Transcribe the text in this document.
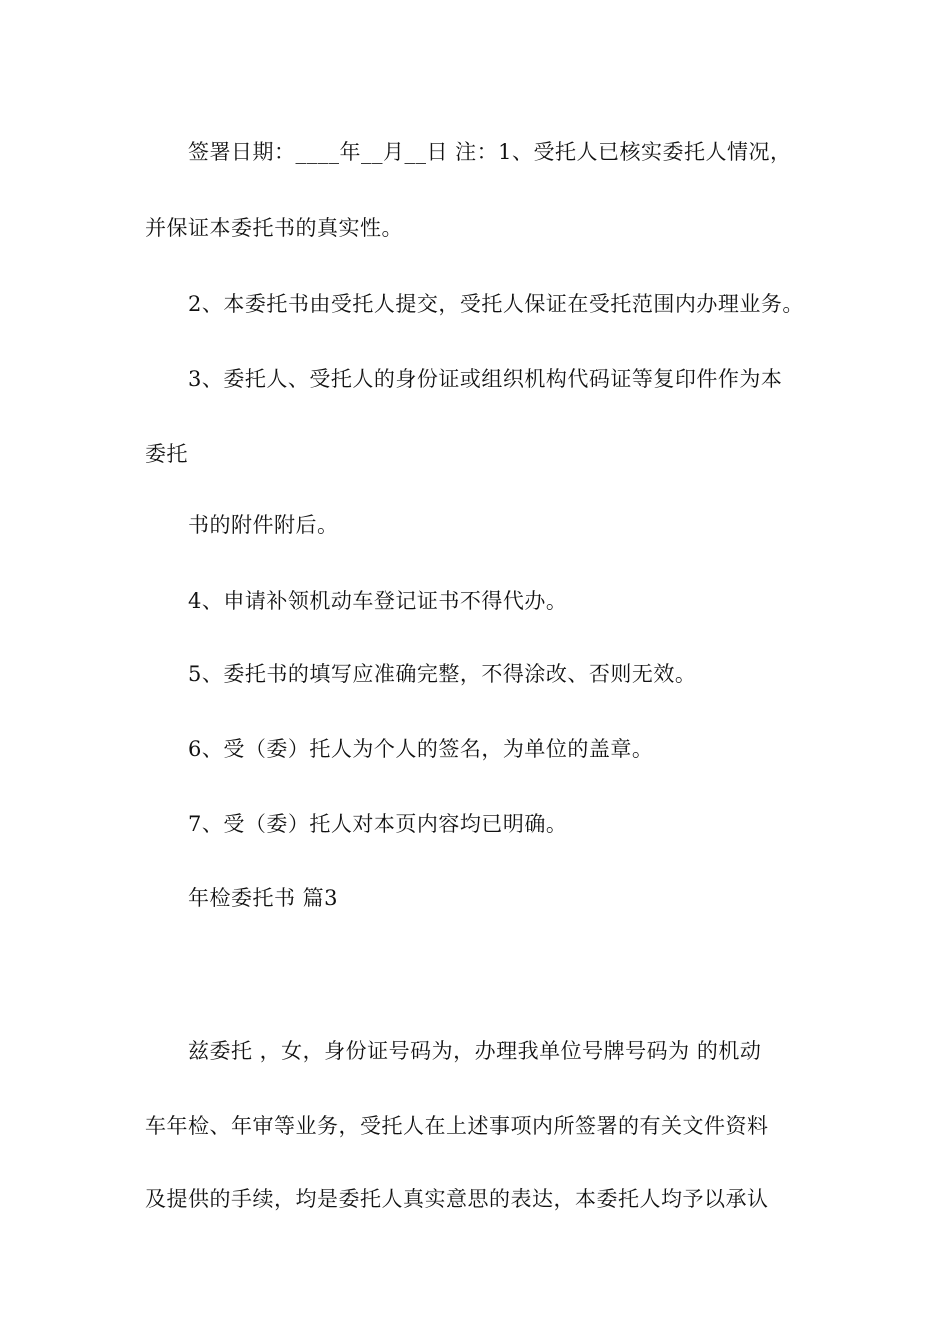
签署日期：____年__月__日 注：1、受托人已核实委托人情况，
并保证本委托书的真实性。
2、本委托书由受托人提交，受托人保证在受托范围内办理业务。
3、委托人、受托人的身份证或组织机构代码证等复印件作为本
委托
书的附件附后。
4、申请补领机动车登记证书不得代办。
5、委托书的填写应准确完整，不得涂改、否则无效。
6、受（委）托人为个人的签名，为单位的盖章。
7、受（委）托人对本页内容均已明确。
年检委托书 篇3
兹委托 ，女，身份证号码为，办理我单位号牌号码为 的机动
车年检、年审等业务，受托人在上述事项内所签署的有关文件资料
及提供的手续，均是委托人真实意思的表达，本委托人均予以承认
